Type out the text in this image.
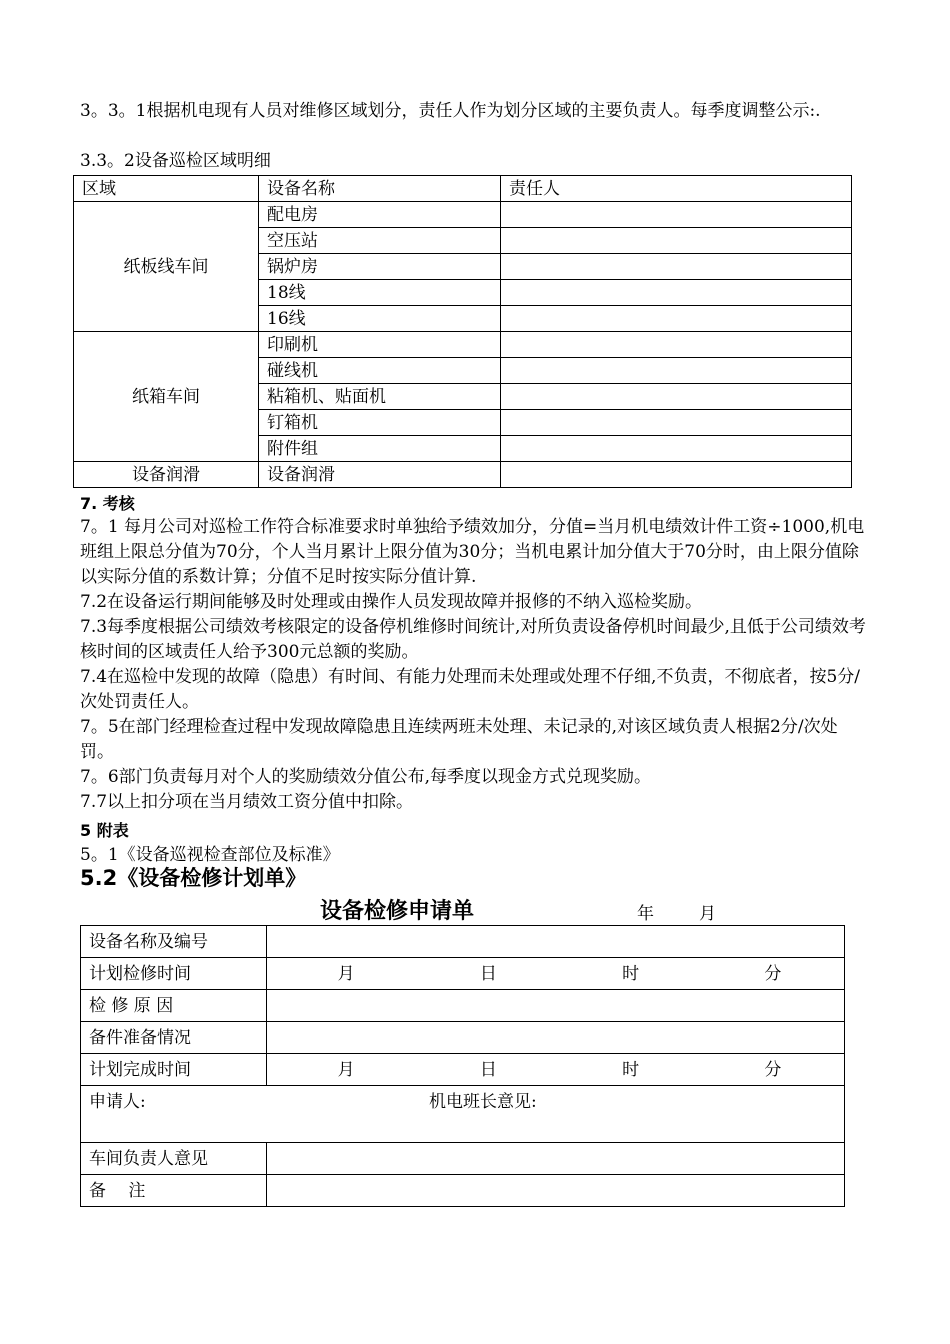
3。3。1根据机电现有人员对维修区域划分，责任人作为划分区域的主要负责人。每季度调整公示:.

3.3。2设备巡检区域明细

区域	设备名称	责任人
纸板线车间	配电房	
	空压站	
	锅炉房	
	18线	
	16线	
纸箱车间	印刷机	
	碰线机	
	粘箱机、贴面机	
	钉箱机	
	附件组	
设备润滑	设备润滑	

7. 考核

7。1 每月公司对巡检工作符合标准要求时单独给予绩效加分，分值=当月机电绩效计件工资÷1000,机电班组上限总分值为70分，个人当月累计上限分值为30分；当机电累计加分值大于70分时，由上限分值除以实际分值的系数计算；分值不足时按实际分值计算.

7.2在设备运行期间能够及时处理或由操作人员发现故障并报修的不纳入巡检奖励。

7.3每季度根据公司绩效考核限定的设备停机维修时间统计,对所负责设备停机时间最少,且低于公司绩效考核时间的区域责任人给予300元总额的奖励。

7.4在巡检中发现的故障（隐患）有时间、有能力处理而未处理或处理不仔细,不负责，不彻底者，按5分/次处罚责任人。

7。5在部门经理检查过程中发现故障隐患且连续两班未处理、未记录的,对该区域负责人根据2分/次处罚。

7。6部门负责每月对个人的奖励绩效分值公布,每季度以现金方式兑现奖励。

7.7以上扣分项在当月绩效工资分值中扣除。

5 附表

5。1《设备巡视检查部位及标准》

5.2《设备检修计划单》

设备检修申请单	年	月
设备名称及编号	
计划检修时间	月 日 时 分

检 修 原 因	
备件准备情况	
计划完成时间	月 日 时 分

申请人: 机电班长意见:	

车间负责人意见	
备　 注	
